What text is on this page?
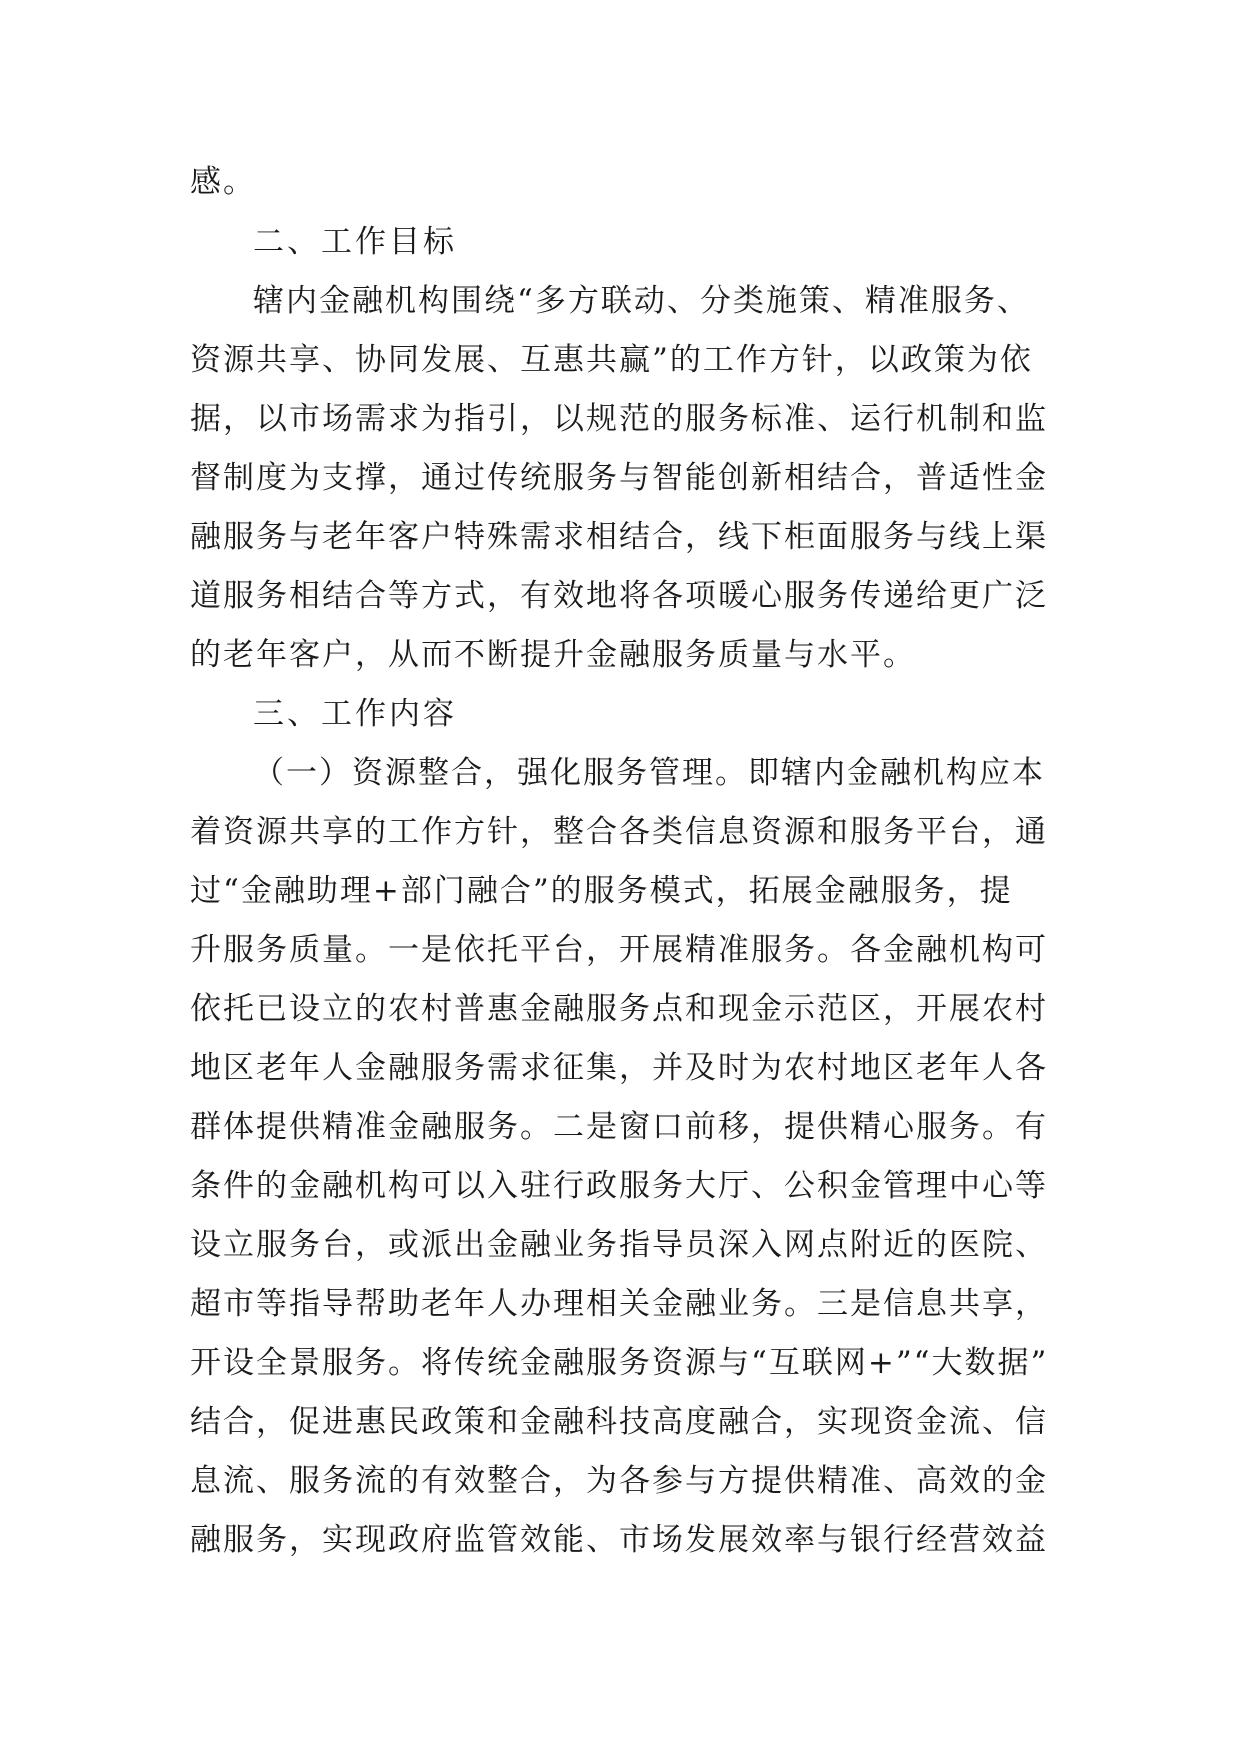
感。
二、工作目标
辖内金融机构围绕“多方联动、分类施策、精准服务、
资源共享、协同发展、互惠共赢”的工作方针，以政策为依
据，以市场需求为指引，以规范的服务标准、运行机制和监
督制度为支撑，通过传统服务与智能创新相结合，普适性金
融服务与老年客户特殊需求相结合，线下柜面服务与线上渠
道服务相结合等方式，有效地将各项暖心服务传递给更广泛
的老年客户，从而不断提升金融服务质量与水平。
三、工作内容
（一）资源整合，强化服务管理。即辖内金融机构应本
着资源共享的工作方针，整合各类信息资源和服务平台，通
过“金融助理+部门融合”的服务模式，拓展金融服务，提
升服务质量。一是依托平台，开展精准服务。各金融机构可
依托已设立的农村普惠金融服务点和现金示范区，开展农村
地区老年人金融服务需求征集，并及时为农村地区老年人各
群体提供精准金融服务。二是窗口前移，提供精心服务。有
条件的金融机构可以入驻行政服务大厅、公积金管理中心等
设立服务台，或派出金融业务指导员深入网点附近的医院、
超市等指导帮助老年人办理相关金融业务。三是信息共享，
开设全景服务。将传统金融服务资源与“互联网+”“大数据”
结合，促进惠民政策和金融科技高度融合，实现资金流、信
息流、服务流的有效整合，为各参与方提供精准、高效的金
融服务，实现政府监管效能、市场发展效率与银行经营效益
